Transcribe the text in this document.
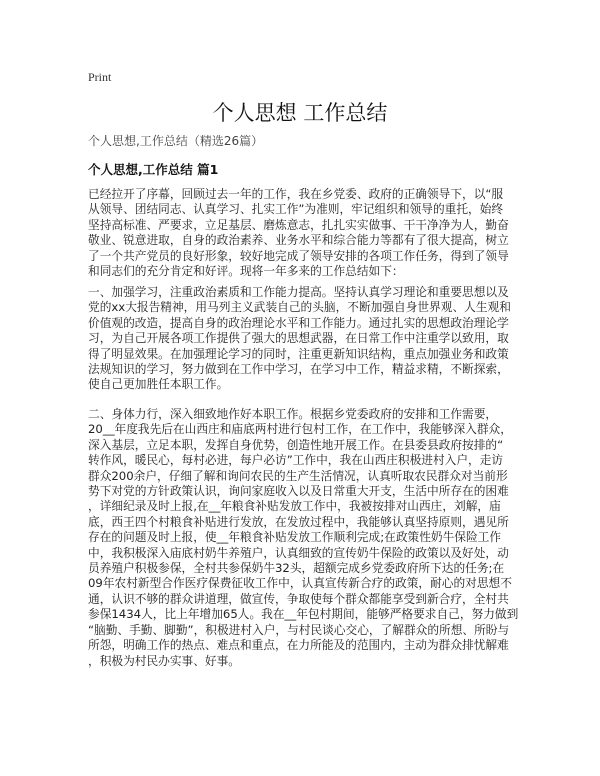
Print
个人思想 工作总结
个人思想,工作总结（精选26篇）
个人思想,工作总结 篇1
已经拉开了序幕，回顾过去一年的工作，我在乡党委、政府的正确领导下，以“服
从领导、团结同志、认真学习、扎实工作”为准则，牢记组织和领导的重托，始终
坚持高标准、严要求，立足基层、磨炼意志，扎扎实实做事、干干净净为人，勤奋
敬业、锐意进取，自身的政治素养、业务水平和综合能力等都有了很大提高，树立
了一个共产党员的良好形象，较好地完成了领导安排的各项工作任务，得到了领导
和同志们的充分肯定和好评。现将一年多来的工作总结如下：
一、加强学习，注重政治素质和工作能力提高。坚持认真学习理论和重要思想以及
党的xx大报告精神，用马列主义武装自己的头脑，不断加强自身世界观、人生观和
价值观的改造，提高自身的政治理论水平和工作能力。通过扎实的思想政治理论学
习，为自己开展各项工作提供了强大的思想武器，在日常工作中注重学以致用，取
得了明显效果。在加强理论学习的同时，注重更新知识结构，重点加强业务和政策
法规知识的学习，努力做到在工作中学习，在学习中工作，精益求精，不断探索，
使自己更加胜任本职工作。
二、身体力行，深入细致地作好本职工作。根据乡党委政府的安排和工作需要，
20__年度我先后在山西庄和庙底两村进行包村工作，在工作中，我能够深入群众，
深入基层，立足本职，发挥自身优势，创造性地开展工作。在县委县政府按排的“
转作风，暖民心，每村必进，每户必访”工作中，我在山西庄积极进村入户，走访
群众200余户，仔细了解和询问农民的生产生活情况，认真听取农民群众对当前形
势下对党的方针政策认识，询问家庭收入以及日常重大开支，生活中所存在的困难
，详细纪录及时上报,在__年粮食补贴发放工作中，我被按排对山西庄，刘解，庙
底，西王四个村粮食补贴进行发放，在发放过程中，我能够认真坚持原则，遇见所
存在的问题及时上报，使__年粮食补贴发放工作顺利完成;在政策性奶牛保险工作
中，我积极深入庙底村奶牛养殖户，认真细致的宣传奶牛保险的政策以及好处，动
员养殖户积极参保，全村共参保奶牛32头，超额完成乡党委政府所下达的任务;在
09年农村新型合作医疗保费征收工作中，认真宣传新合疗的政策，耐心的对思想不
通，认识不够的群众讲道理，做宣传，争取使每个群众都能享受到新合疗，全村共
参保1434人，比上年增加65人。我在__年包村期间，能够严格要求自己，努力做到
“脑勤、手勤、脚勤”，积极进村入户，与村民谈心交心，了解群众的所想、所盼与
所怨，明确工作的热点、难点和重点，在力所能及的范围内，主动为群众排忧解难
，积极为村民办实事、好事。
